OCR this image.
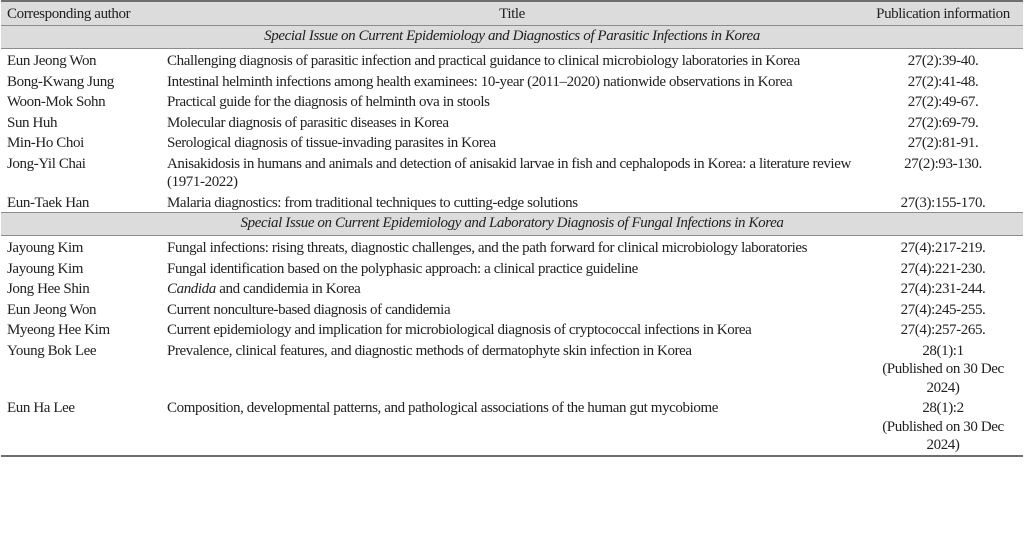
Corresponding author	Title	Publication information
Special Issue on Current Epidemiology and Diagnostics of Parasitic Infections in Korea		
Eun Jeong Won	Challenging diagnosis of parasitic infection and practical guidance to clinical microbiology laboratories in Korea	27(2):39-40.

Bong-Kwang Jung	Intestinal helminth infections among health examinees: 10-year (2011–2020) nationwide observations in Korea	27(2):41-48.

Woon-Mok Sohn	Practical guide for the diagnosis of helminth ova in stools	27(2):49-67.

Sun Huh	Molecular diagnosis of parasitic diseases in Korea	27(2):69-79.

Min-Ho Choi	Serological diagnosis of tissue-invading parasites in Korea	27(2):81-91.

Jong-Yil Chai	Anisakidosis in humans and animals and detection of anisakid larvae in fish and cephalopods in Korea: a literature review (1971-2022)	27(2):93-130.

Eun-Taek Han	Malaria diagnostics: from traditional techniques to cutting-edge solutions	27(3):155-170.

Special Issue on Current Epidemiology and Laboratory Diagnosis of Fungal Infections in Korea		
Jayoung Kim	Fungal infections: rising threats, diagnostic challenges, and the path forward for clinical microbiology laboratories	27(4):217-219.

Jayoung Kim	Fungal identification based on the polyphasic approach: a clinical practice guideline	27(4):221-230.

Jong Hee Shin	Candida and candidemia in Korea	27(4):231-244.

Eun Jeong Won	Current nonculture-based diagnosis of candidemia	27(4):245-255.

Myeong Hee Kim	Current epidemiology and implication for microbiological diagnosis of cryptococcal infections in Korea	27(4):257-265.

Young Bok Lee	Prevalence, clinical features, and diagnostic methods of dermatophyte skin infection in Korea	28(1):1
(Published on 30 Dec 2024)

Eun Ha Lee	Composition, developmental patterns, and pathological associations of the human gut mycobiome	28(1):2
(Published on 30 Dec 2024)
